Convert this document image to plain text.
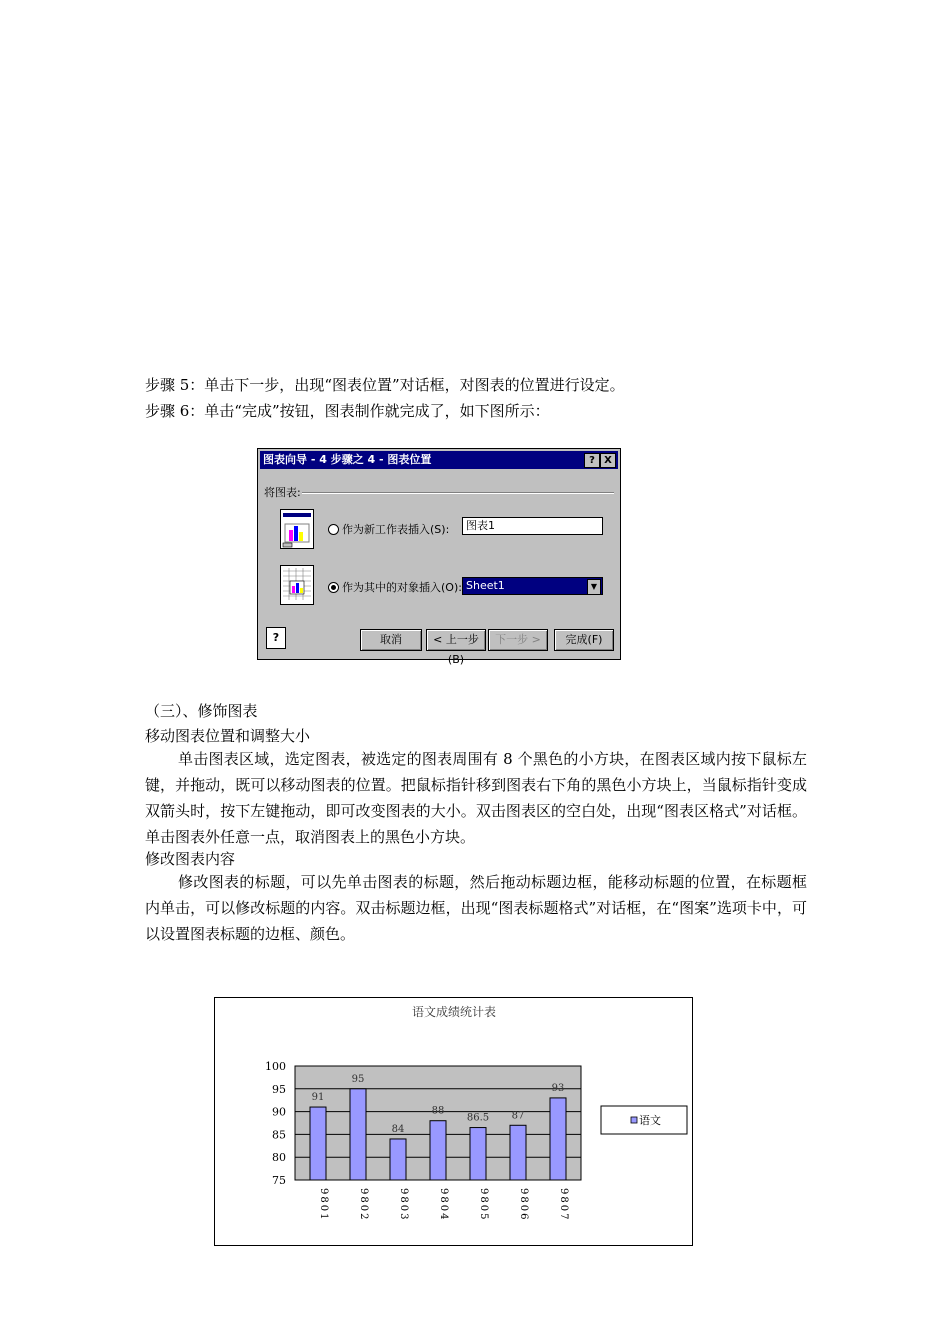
步骤 5：单击下一步，出现“图表位置”对话框，对图表的位置进行设定。
步骤 6：单击“完成”按钮，图表制作就完成了，如下图所示：
图表向导 - 4 步骤之 4 - 图表位置	? X
将图表:
作为新工作表插入(S):	图表1
作为其中的对象插入(O): Sheet1	▼
?	取消	< 上一步(B)
下一步 >	完成(F)
（三）、修饰图表
移动图表位置和调整大小
单击图表区域，选定图表，被选定的图表周围有 8 个黑色的小方块，在图表区域内按下鼠标左键，并拖动，既可以移动图表的位置。把鼠标指针移到图表右下角的黑色小方块上，当鼠标指针变成双箭头时，按下左键拖动，即可改变图表的大小。双击图表区的空白处，出现“图表区格式”对话框。单击图表外任意一点，取消图表上的黑色小方块。
修改图表内容
修改图表的标题，可以先单击图表的标题，然后拖动标题边框，能移动标题的位置，在标题框内单击，可以修改标题的内容。双击标题边框，出现“图表标题格式”对话框，在“图案”选项卡中，可以设置图表标题的边框、颜色。
语文成绩统计表
100
95
90
85
80
75
91
9801
95
9802
84
9803
88
9804
86.5
9805
87
9806
93
9807
语文
